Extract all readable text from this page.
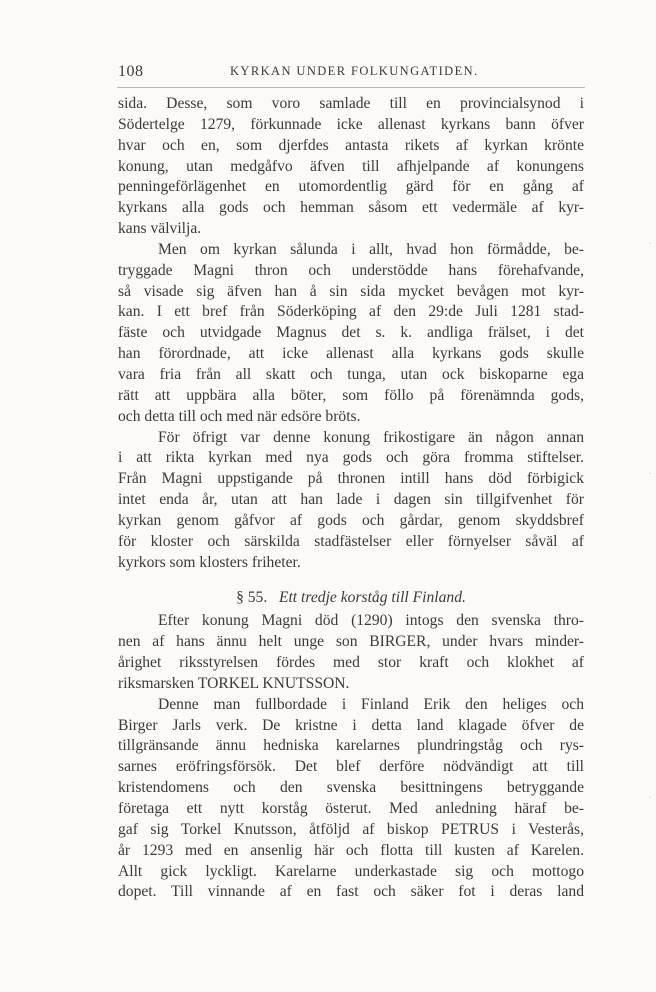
108	KYRKAN UNDER FOLKUNGATIDEN.
sida. Desse, som voro samlade till en provincialsynod i
Södertelge 1279, förkunnade icke allenast kyrkans bann öfver
hvar och en, som djerfdes antasta rikets af kyrkan krönte
konung, utan medgåfvo äfven till afhjelpande af konungens
penningeförlägenhet en utomordentlig gärd för en gång af
kyrkans alla gods och hemman såsom ett vedermäle af kyr-
kans välvilja.
Men om kyrkan sålunda i allt, hvad hon förmådde, be-
tryggade Magni thron och understödde hans förehafvande,
så visade sig äfven han å sin sida mycket bevågen mot kyr-
kan. I ett bref från Söderköping af den 29:de Juli 1281 stad-
fäste och utvidgade Magnus det s. k. andliga frälset, i det
han förordnade, att icke allenast alla kyrkans gods skulle
vara fria från all skatt och tunga, utan ock biskoparne ega
rätt att uppbära alla böter, som föllo på förenämnda gods,
och detta till och med när edsöre bröts.
För öfrigt var denne konung frikostigare än någon annan
i att rikta kyrkan med nya gods och göra fromma stiftelser.
Från Magni uppstigande på thronen intill hans död förbigick
intet enda år, utan att han lade i dagen sin tillgifvenhet för
kyrkan genom gåfvor af gods och gårdar, genom skyddsbref
för kloster och särskilda stadfästelser eller förnyelser såväl af
kyrkors som klosters friheter.
§ 55. Ett tredje korståg till Finland.
Efter konung Magni död (1290) intogs den svenska thro-
nen af hans ännu helt unge son BIRGER, under hvars minder-
årighet riksstyrelsen fördes med stor kraft och klokhet af
riksmarsken TORKEL KNUTSSON.
Denne man fullbordade i Finland Erik den heliges och
Birger Jarls verk. De kristne i detta land klagade öfver de
tillgränsande ännu hedniska karelarnes plundringståg och rys-
sarnes eröfringsförsök. Det blef derföre nödvändigt att till
kristendomens och den svenska besittningens betryggande
företaga ett nytt korståg österut. Med anledning häraf be-
gaf sig Torkel Knutsson, åtföljd af biskop PETRUS i Vesterås,
år 1293 med en ansenlig här och flotta till kusten af Karelen.
Allt gick lyckligt. Karelarne underkastade sig och mottogo
dopet. Till vinnande af en fast och säker fot i deras land
·
·
·
